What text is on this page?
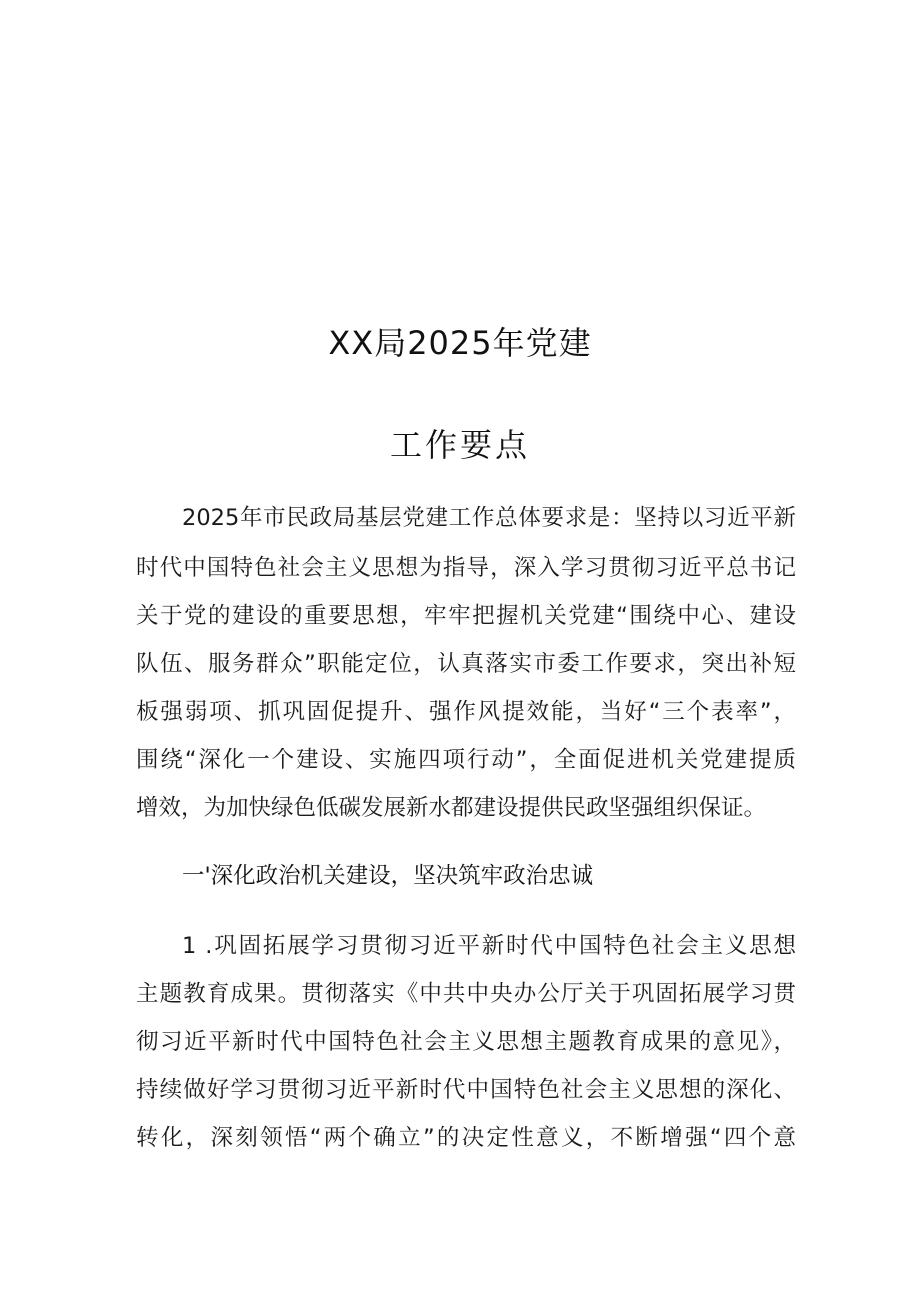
XX局2025年党建
工作要点
2025年市民政局基层党建工作总体要求是：坚持以习近平新
时代中国特色社会主义思想为指导，深入学习贯彻习近平总书记
关于党的建设的重要思想，牢牢把握机关党建“围绕中心、建设
队伍、服务群众”职能定位，认真落实市委工作要求，突出补短
板强弱项、抓巩固促提升、强作风提效能，当好“三个表率”，
围绕“深化一个建设、实施四项行动”，全面促进机关党建提质
增效，为加快绿色低碳发展新水都建设提供民政坚强组织保证。
一'深化政治机关建设，坚决筑牢政治忠诚
1 .巩固拓展学习贯彻习近平新时代中国特色社会主义思想
主题教育成果。贯彻落实《中共中央办公厅关于巩固拓展学习贯
彻习近平新时代中国特色社会主义思想主题教育成果的意见》，
持续做好学习贯彻习近平新时代中国特色社会主义思想的深化、
转化，深刻领悟“两个确立”的决定性意义，不断增强“四个意
